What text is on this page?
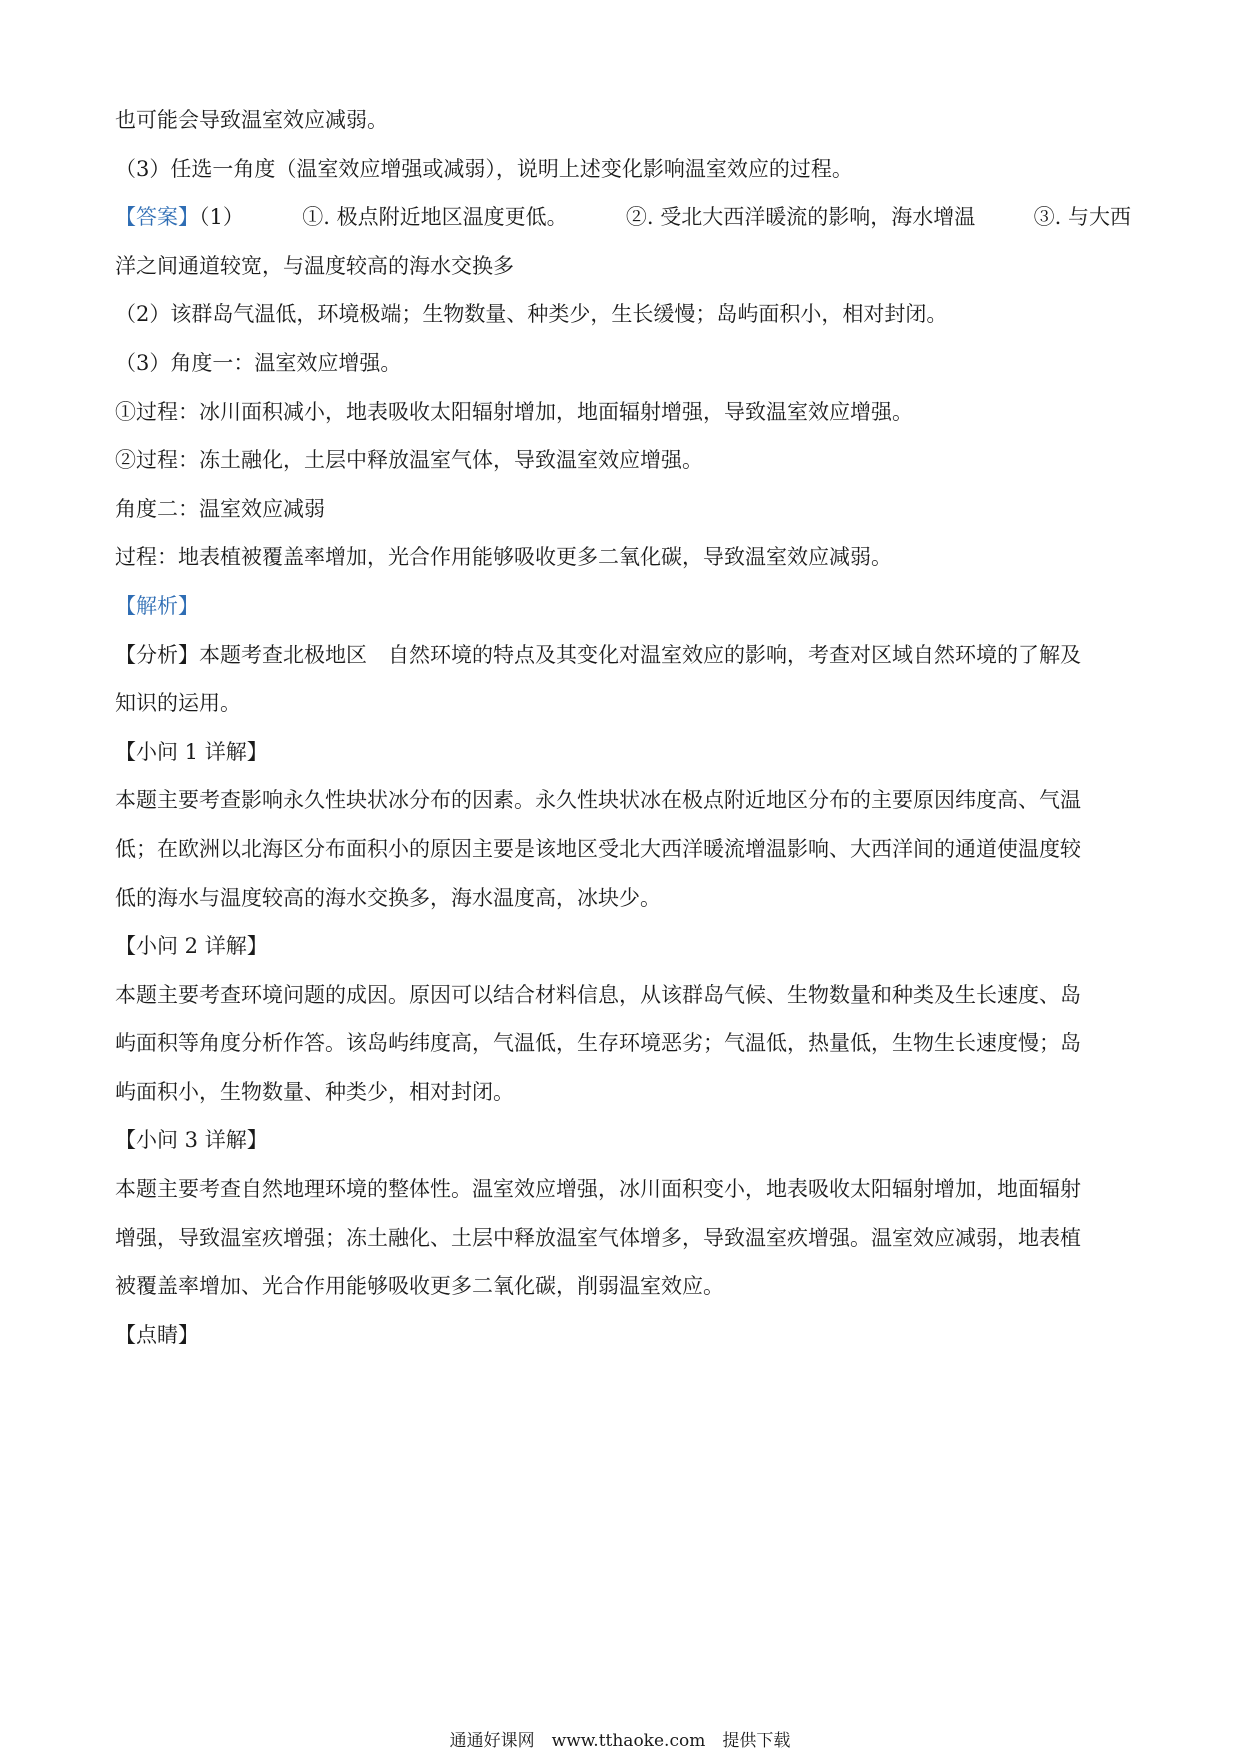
也可能会导致温室效应减弱。

（3）任选一角度（温室效应增强或减弱），说明上述变化影响温室效应的过程。

【答案】（1）	①. 极点附近地区温度更低。	②. 受北大西洋暖流的影响，海水增温	③. 与大西

洋之间通道较宽，与温度较高的海水交换多

（2）该群岛气温低，环境极端；生物数量、种类少，生长缓慢；岛屿面积小，相对封闭。

（3）角度一：温室效应增强。

①过程：冰川面积减小，地表吸收太阳辐射增加，地面辐射增强，导致温室效应增强。

②过程：冻土融化，土层中释放温室气体，导致温室效应增强。

角度二：温室效应减弱

过程：地表植被覆盖率增加，光合作用能够吸收更多二氧化碳，导致温室效应减弱。

【解析】

【分析】本题考查北极地区　自然环境的特点及其变化对温室效应的影响，考查对区域自然环境的了解及

知识的运用。

【小问 1 详解】

本题主要考查影响永久性块状冰分布的因素。永久性块状冰在极点附近地区分布的主要原因纬度高、气温

低；在欧洲以北海区分布面积小的原因主要是该地区受北大西洋暖流增温影响、大西洋间的通道使温度较

低的海水与温度较高的海水交换多，海水温度高，冰块少。

【小问 2 详解】

本题主要考查环境问题的成因。原因可以结合材料信息，从该群岛气候、生物数量和种类及生长速度、岛

屿面积等角度分析作答。该岛屿纬度高，气温低，生存环境恶劣；气温低，热量低，生物生长速度慢；岛

屿面积小，生物数量、种类少，相对封闭。

【小问 3 详解】

本题主要考查自然地理环境的整体性。温室效应增强，冰川面积变小，地表吸收太阳辐射增加，地面辐射

增强，导致温室疚增强；冻土融化、土层中释放温室气体增多，导致温室疚增强。温室效应减弱，地表植

被覆盖率增加、光合作用能够吸收更多二氧化碳，削弱温室效应。

【点睛】

通通好课网　www.tthaoke.com　提供下载
